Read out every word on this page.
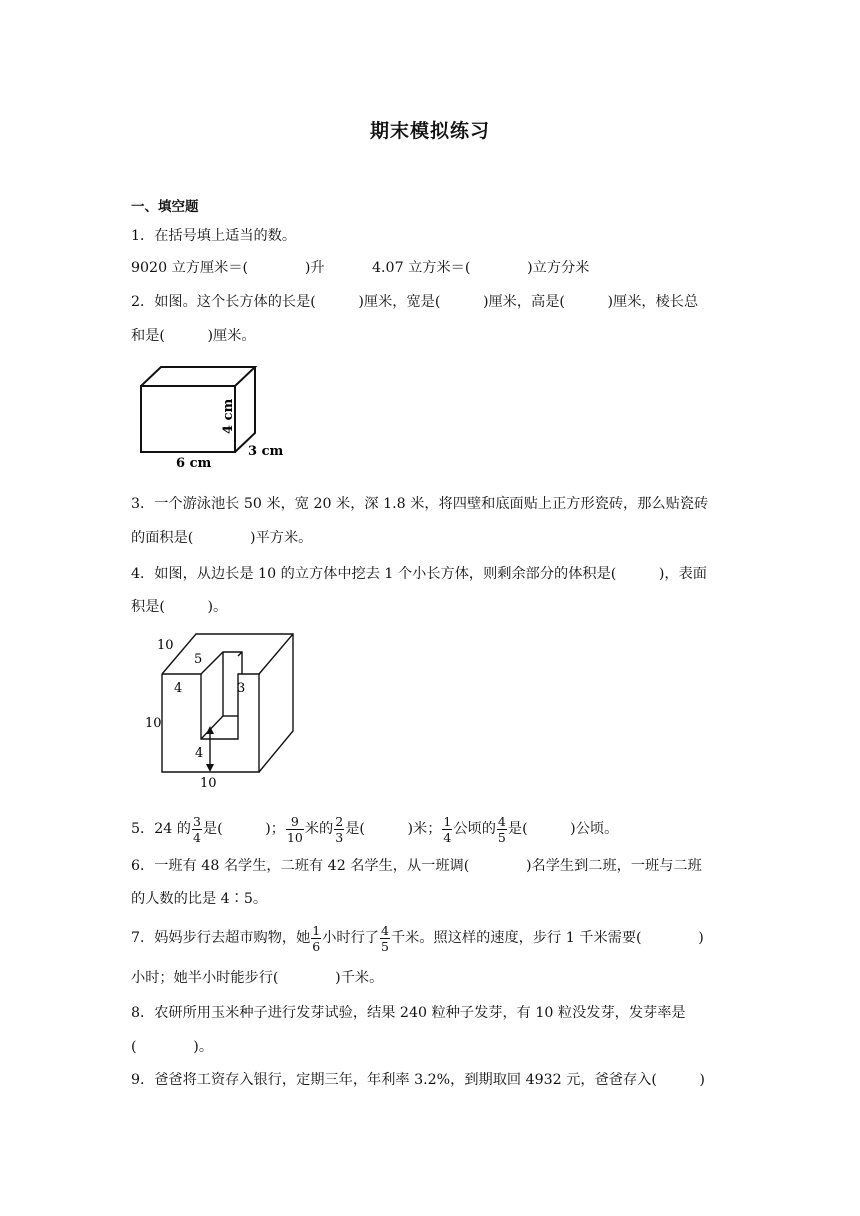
期末模拟练习
一、填空题
1．在括号填上适当的数。
9020 立方厘米＝(　　　　)升	4.07 立方米＝(　　　　)立方分米
2．如图。这个长方体的长是(　　　)厘米，宽是(　　　)厘米，高是(　　　)厘米，棱长总
和是(　　　)厘米。
4 cm
3 cm
6 cm
3．一个游泳池长 50 米，宽 20 米，深 1.8 米，将四壁和底面贴上正方形瓷砖，那么贴瓷砖
的面积是(　　　　)平方米。
4．如图，从边长是 10 的立方体中挖去 1 个小长方体，则剩余部分的体积是(　　　)，表面
积是(　　　)。
10
5
4	3
10
4
10
5．24 的 $\frac{3}{4}$ 是(　　　)； $\frac{9}{10}$ 米的 $\frac{2}{3}$ 是(　　　)米； $\frac{1}{4}$ 公顷的 $\frac{4}{5}$ 是(　　　)公顷。
6．一班有 48 名学生，二班有 42 名学生，从一班调(　　　　)名学生到二班，一班与二班
的人数的比是 4∶5。
7．妈妈步行去超市购物，她 $\frac{1}{6}$ 小时行了 $\frac{4}{5}$ 千米。照这样的速度，步行 1 千米需要(　　　　)
小时；她半小时能步行(　　　　)千米。
8．农研所用玉米种子进行发芽试验，结果 240 粒种子发芽，有 10 粒没发芽，发芽率是
(　　　　)。
9．爸爸将工资存入银行，定期三年，年利率 3.2%，到期取回 4932 元，爸爸存入(　　　)
